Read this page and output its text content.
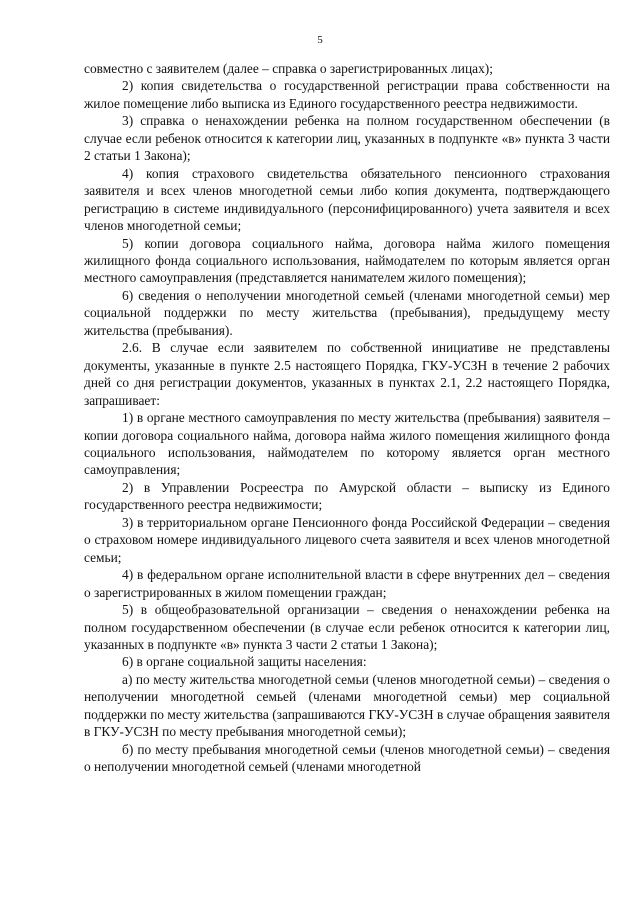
5

совместно с заявителем (далее – справка о зарегистрированных лицах);

2) копия свидетельства о государственной регистрации права собственности на жилое помещение либо выписка из Единого государственного реестра недвижимости.

3) справка о ненахождении ребенка на полном государственном обеспечении (в случае если ребенок относится к категории лиц, указанных в подпункте «в» пункта 3 части 2 статьи 1 Закона);

4) копия страхового свидетельства обязательного пенсионного страхования заявителя и всех членов многодетной семьи либо копия документа, подтверждающего регистрацию в системе индивидуального (персонифицированного) учета заявителя и всех членов многодетной семьи;

5) копии договора социального найма, договора найма жилого помещения жилищного фонда социального использования, наймодателем по которым является орган местного самоуправления (представляется нанимателем жилого помещения);

6) сведения о неполучении многодетной семьей (членами многодетной семьи) мер социальной поддержки по месту жительства (пребывания), предыдущему месту жительства (пребывания).

2.6. В случае если заявителем по собственной инициативе не представлены документы, указанные в пункте 2.5 настоящего Порядка, ГКУ-УСЗН в течение 2 рабочих дней со дня регистрации документов, указанных в пунктах 2.1, 2.2 настоящего Порядка, запрашивает:

1) в органе местного самоуправления по месту жительства (пребывания) заявителя – копии договора социального найма, договора найма жилого помещения жилищного фонда социального использования, наймодателем по которому является орган местного самоуправления;

2) в Управлении Росреестра по Амурской области – выписку из Единого государственного реестра недвижимости;

3) в территориальном органе Пенсионного фонда Российской Федерации – сведения о страховом номере индивидуального лицевого счета заявителя и всех членов многодетной семьи;

4) в федеральном органе исполнительной власти в сфере внутренних дел – сведения о зарегистрированных в жилом помещении граждан;

5) в общеобразовательной организации – сведения о ненахождении ребенка на полном государственном обеспечении (в случае если ребенок относится к категории лиц, указанных в подпункте «в» пункта 3 части 2 статьи 1 Закона);

6) в органе социальной защиты населения:

а) по месту жительства многодетной семьи (членов многодетной семьи) – сведения о неполучении многодетной семьей (членами многодетной семьи) мер социальной поддержки по месту жительства (запрашиваются ГКУ-УСЗН в случае обращения заявителя в ГКУ-УСЗН по месту пребывания многодетной семьи);

б) по месту пребывания многодетной семьи (членов многодетной семьи) – сведения о неполучении многодетной семьей (членами многодетной
